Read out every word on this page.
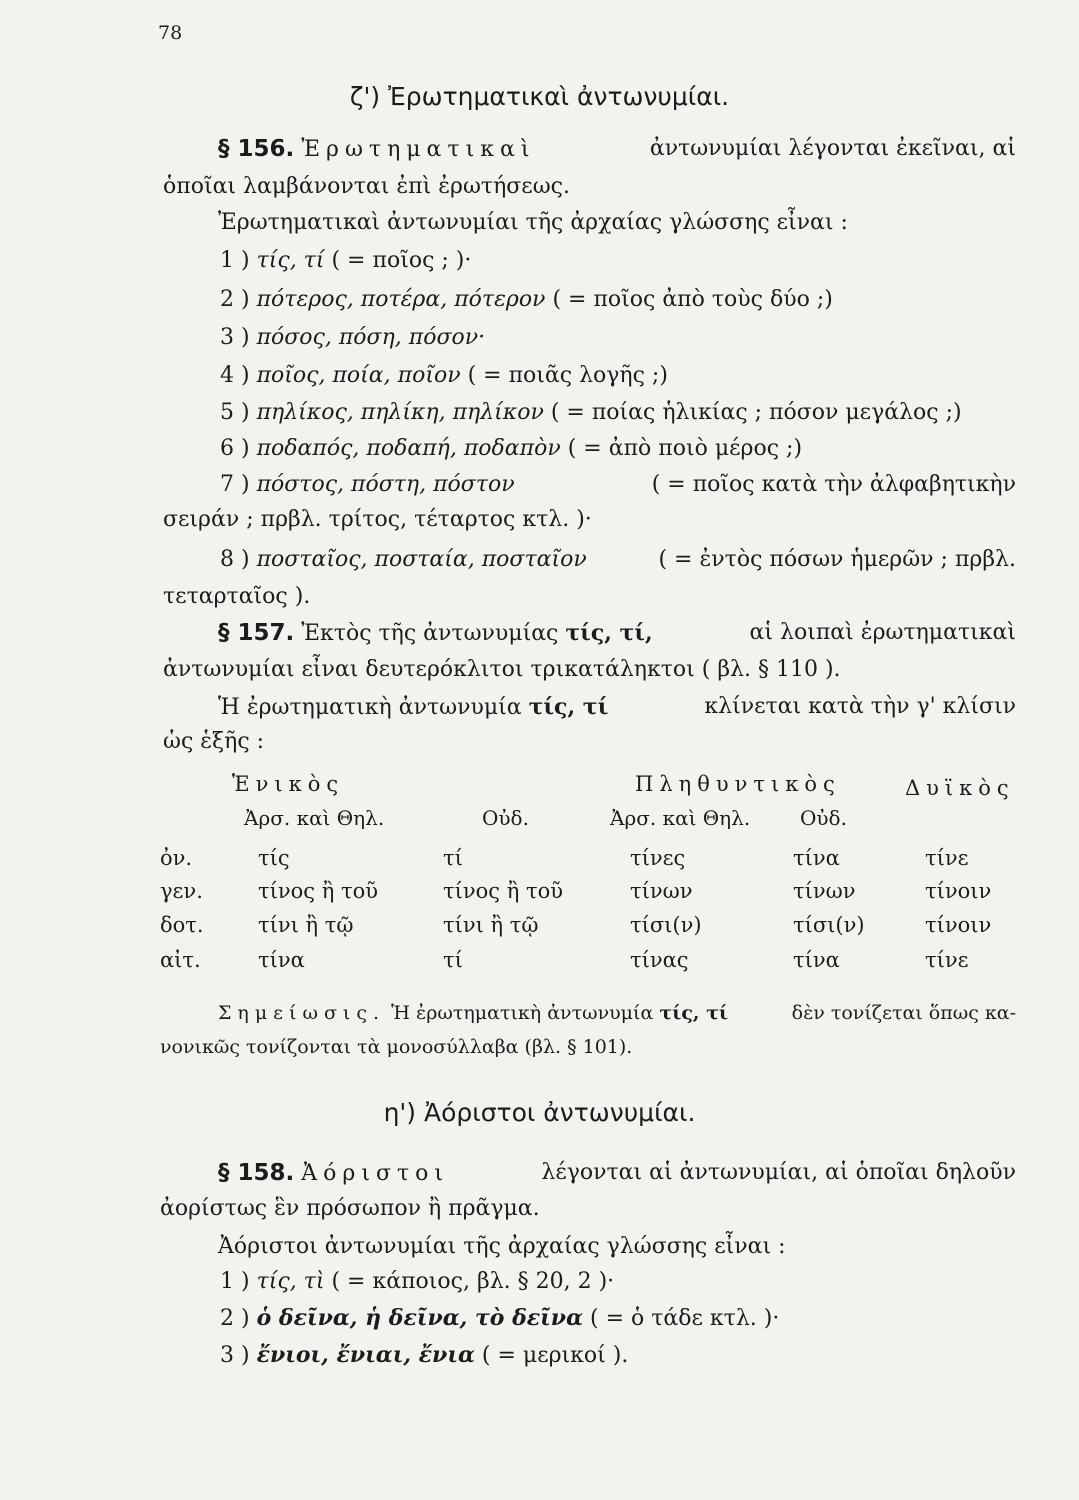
78
ζ') Ἐρωτηματικαὶ ἀντωνυμίαι.
§ 156. Ἐρωτηματικαὶ	ἀντωνυμίαι λέγονται ἐκεῖναι, αἱ
ὁποῖαι λαμβάνονται ἐπὶ ἐρωτήσεως.
Ἐρωτηματικαὶ ἀντωνυμίαι τῆς ἀρχαίας γλώσσης εἶναι :
1 ) τίς, τί ( = ποῖος ; )·
2 ) πότερος, ποτέρα, πότερον ( = ποῖος ἀπὸ τοὺς δύο ;)
3 ) πόσος, πόση, πόσον·
4 ) ποῖος, ποία, ποῖον ( = ποιᾶς λογῆς ;)
5 ) πηλίκος, πηλίκη, πηλίκον ( = ποίας ἡλικίας ; πόσον μεγάλος ;)
6 ) ποδαπός, ποδαπή, ποδαπὸν ( = ἀπὸ ποιὸ μέρος ;)
7 ) πόστος, πόστη, πόστον	( = ποῖος κατὰ τὴν ἀλφαβητικὴν
σειράν ; πρβλ. τρίτος, τέταρτος κτλ. )·
8 ) ποσταῖος, ποσταία, ποσταῖον	( = ἐντὸς πόσων ἡμερῶν ; πρβλ.
τεταρταῖος ).
§ 157. Ἐκτὸς τῆς ἀντωνυμίας τίς, τί,	αἱ λοιπαὶ ἐρωτηματικαὶ
ἀντωνυμίαι εἶναι δευτερόκλιτοι τρικατάληκτοι ( βλ. § 110 ).
Ἡ ἐρωτηματικὴ ἀντωνυμία τίς, τί	κλίνεται κατὰ τὴν γ' κλίσιν
ὡς ἑξῆς :
Ἑνικὸς	Πληθυντικὸς	Δυϊκὸς
Ἀρσ. καὶ Θηλ.	Οὐδ.	Ἀρσ. καὶ Θηλ. Οὐδ.
ὀν.	τίς	τί	τίνες	τίνα	τίνε
γεν.	τίνος ἢ τοῦ	τίνος ἢ τοῦ	τίνων	τίνων	τίνοιν
δοτ.	τίνι ἢ τῷ	τίνι ἢ τῷ	τίσι(ν)	τίσι(ν)	τίνοιν
αἰτ.	τίνα	τί	τίνας	τίνα	τίνε
Σημείωσις. Ἡ ἐρωτηματικὴ ἀντωνυμία τίς, τί	δὲν τονίζεται ὅπως κα-
νονικῶς τονίζονται τὰ μονοσύλλαβα (βλ. § 101).
η') Ἀόριστοι ἀντωνυμίαι.
§ 158. Ἀόριστοι	λέγονται αἱ ἀντωνυμίαι, αἱ ὁποῖαι δηλοῦν
ἀορίστως ἓν πρόσωπον ἢ πρᾶγμα.
Ἀόριστοι ἀντωνυμίαι τῆς ἀρχαίας γλώσσης εἶναι :
1 ) τίς, τὶ ( = κάποιος, βλ. § 20, 2 )·
2 ) ὁ δεῖνα, ἡ δεῖνα, τὸ δεῖνα ( = ὁ τάδε κτλ. )·
3 ) ἔνιοι, ἔνιαι, ἔνια ( = μερικοί ).
